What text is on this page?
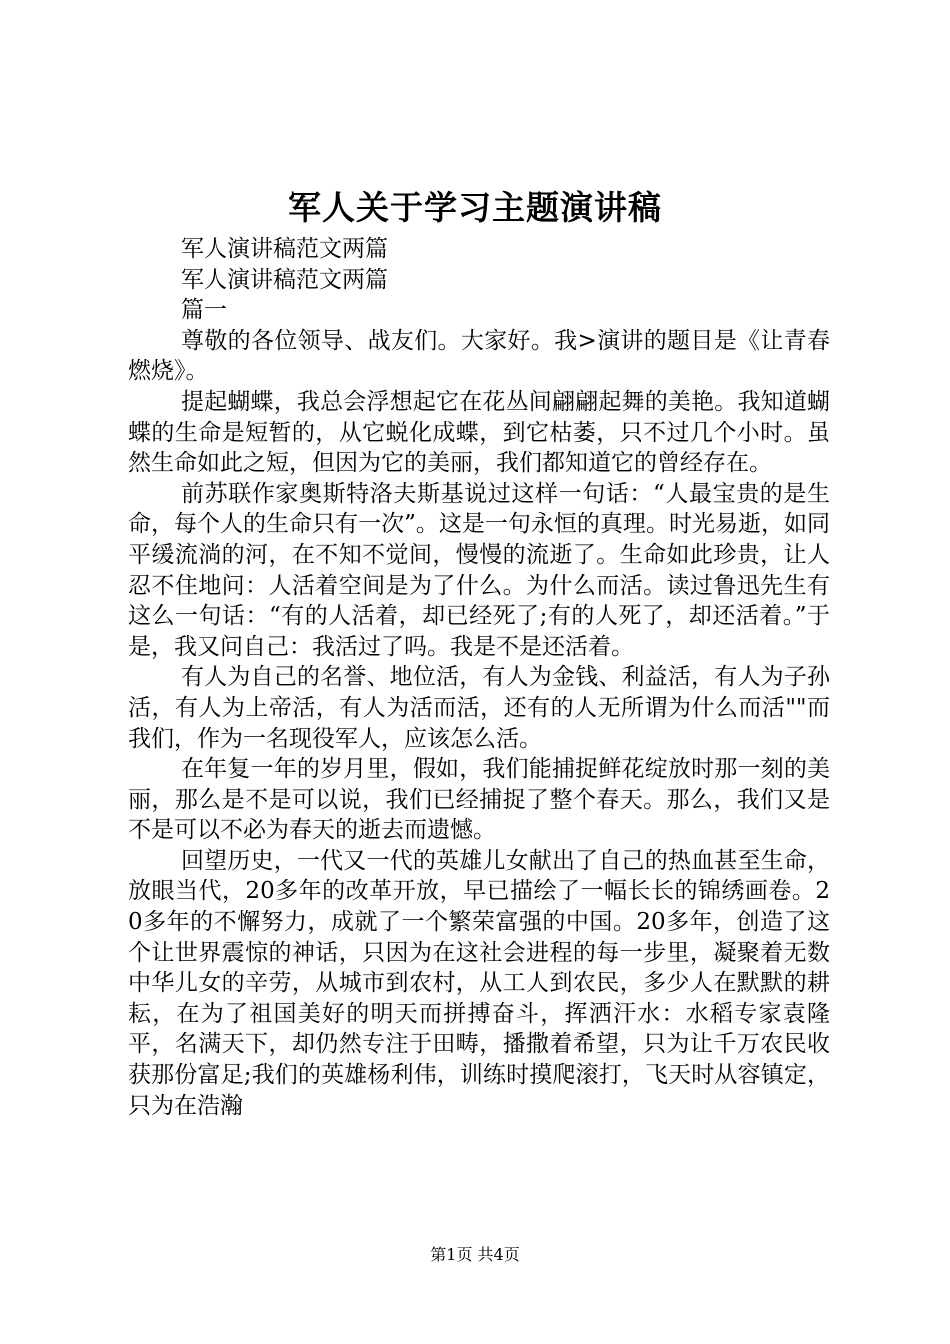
军人关于学习主题演讲稿

军人演讲稿范文两篇

军人演讲稿范文两篇

篇一

尊敬的各位领导、战友们。大家好。我>演讲的题目是《让青春燃烧》。

提起蝴蝶，我总会浮想起它在花丛间翩翩起舞的美艳。我知道蝴蝶的生命是短暂的，从它蜕化成蝶，到它枯萎，只不过几个小时。虽然生命如此之短，但因为它的美丽，我们都知道它的曾经存在。

前苏联作家奥斯特洛夫斯基说过这样一句话：“人最宝贵的是生命，每个人的生命只有一次”。这是一句永恒的真理。时光易逝，如同平缓流淌的河，在不知不觉间，慢慢的流逝了。生命如此珍贵，让人忍不住地问：人活着空间是为了什么。为什么而活。读过鲁迅先生有这么一句话：“有的人活着，却已经死了;有的人死了，却还活着。”于是，我又问自己：我活过了吗。我是不是还活着。

有人为自己的名誉、地位活，有人为金钱、利益活，有人为子孙活，有人为上帝活，有人为活而活，还有的人无所谓为什么而活""而我们，作为一名现役军人，应该怎么活。

在年复一年的岁月里，假如，我们能捕捉鲜花绽放时那一刻的美丽，那么是不是可以说，我们已经捕捉了整个春天。那么，我们又是不是可以不必为春天的逝去而遗憾。

回望历史，一代又一代的英雄儿女献出了自己的热血甚至生命，放眼当代，20多年的改革开放，早已描绘了一幅长长的锦绣画卷。20多年的不懈努力，成就了一个繁荣富强的中国。20多年，创造了这个让世界震惊的神话，只因为在这社会进程的每一步里，凝聚着无数中华儿女的辛劳，从城市到农村，从工人到农民，多少人在默默的耕耘，在为了祖国美好的明天而拼搏奋斗，挥洒汗水：水稻专家袁隆平，名满天下，却仍然专注于田畴，播撒着希望，只为让千万农民收获那份富足;我们的英雄杨利伟，训练时摸爬滚打，飞天时从容镇定，只为在浩瀚

第1页 共4页
